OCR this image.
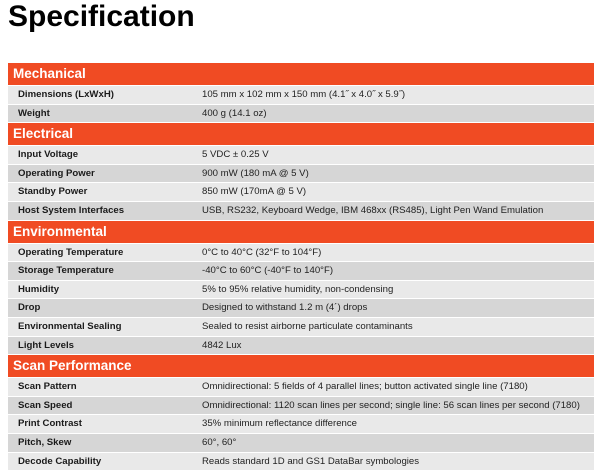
Specification
Mechanical
Dimensions (LxWxH)	105 mm x 102 mm x 150 mm (4.1˝ x 4.0˝ x 5.9˝)
Weight	400 g (14.1 oz)
Electrical
Input Voltage	5 VDC ± 0.25 V
Operating Power	900 mW (180 mA @ 5 V)
Standby Power	850 mW (170mA @ 5 V)
Host System Interfaces	USB, RS232, Keyboard Wedge, IBM 468xx (RS485), Light Pen Wand Emulation
Environmental
Operating Temperature	0°C to 40°C (32°F to 104°F)
Storage Temperature	-40°C to 60°C (-40°F to 140°F)
Humidity	5% to 95% relative humidity, non-condensing
Drop	Designed to withstand 1.2 m (4´) drops
Environmental Sealing	Sealed to resist airborne particulate contaminants
Light Levels	4842 Lux
Scan Performance
Scan Pattern	Omnidirectional: 5 fields of 4 parallel lines; button activated single line (7180)
Scan Speed	Omnidirectional: 1120 scan lines per second; single line: 56 scan lines per second (7180)
Print Contrast	35% minimum reflectance difference
Pitch, Skew	60°, 60°
Decode Capability	Reads standard 1D and GS1 DataBar symbologies
